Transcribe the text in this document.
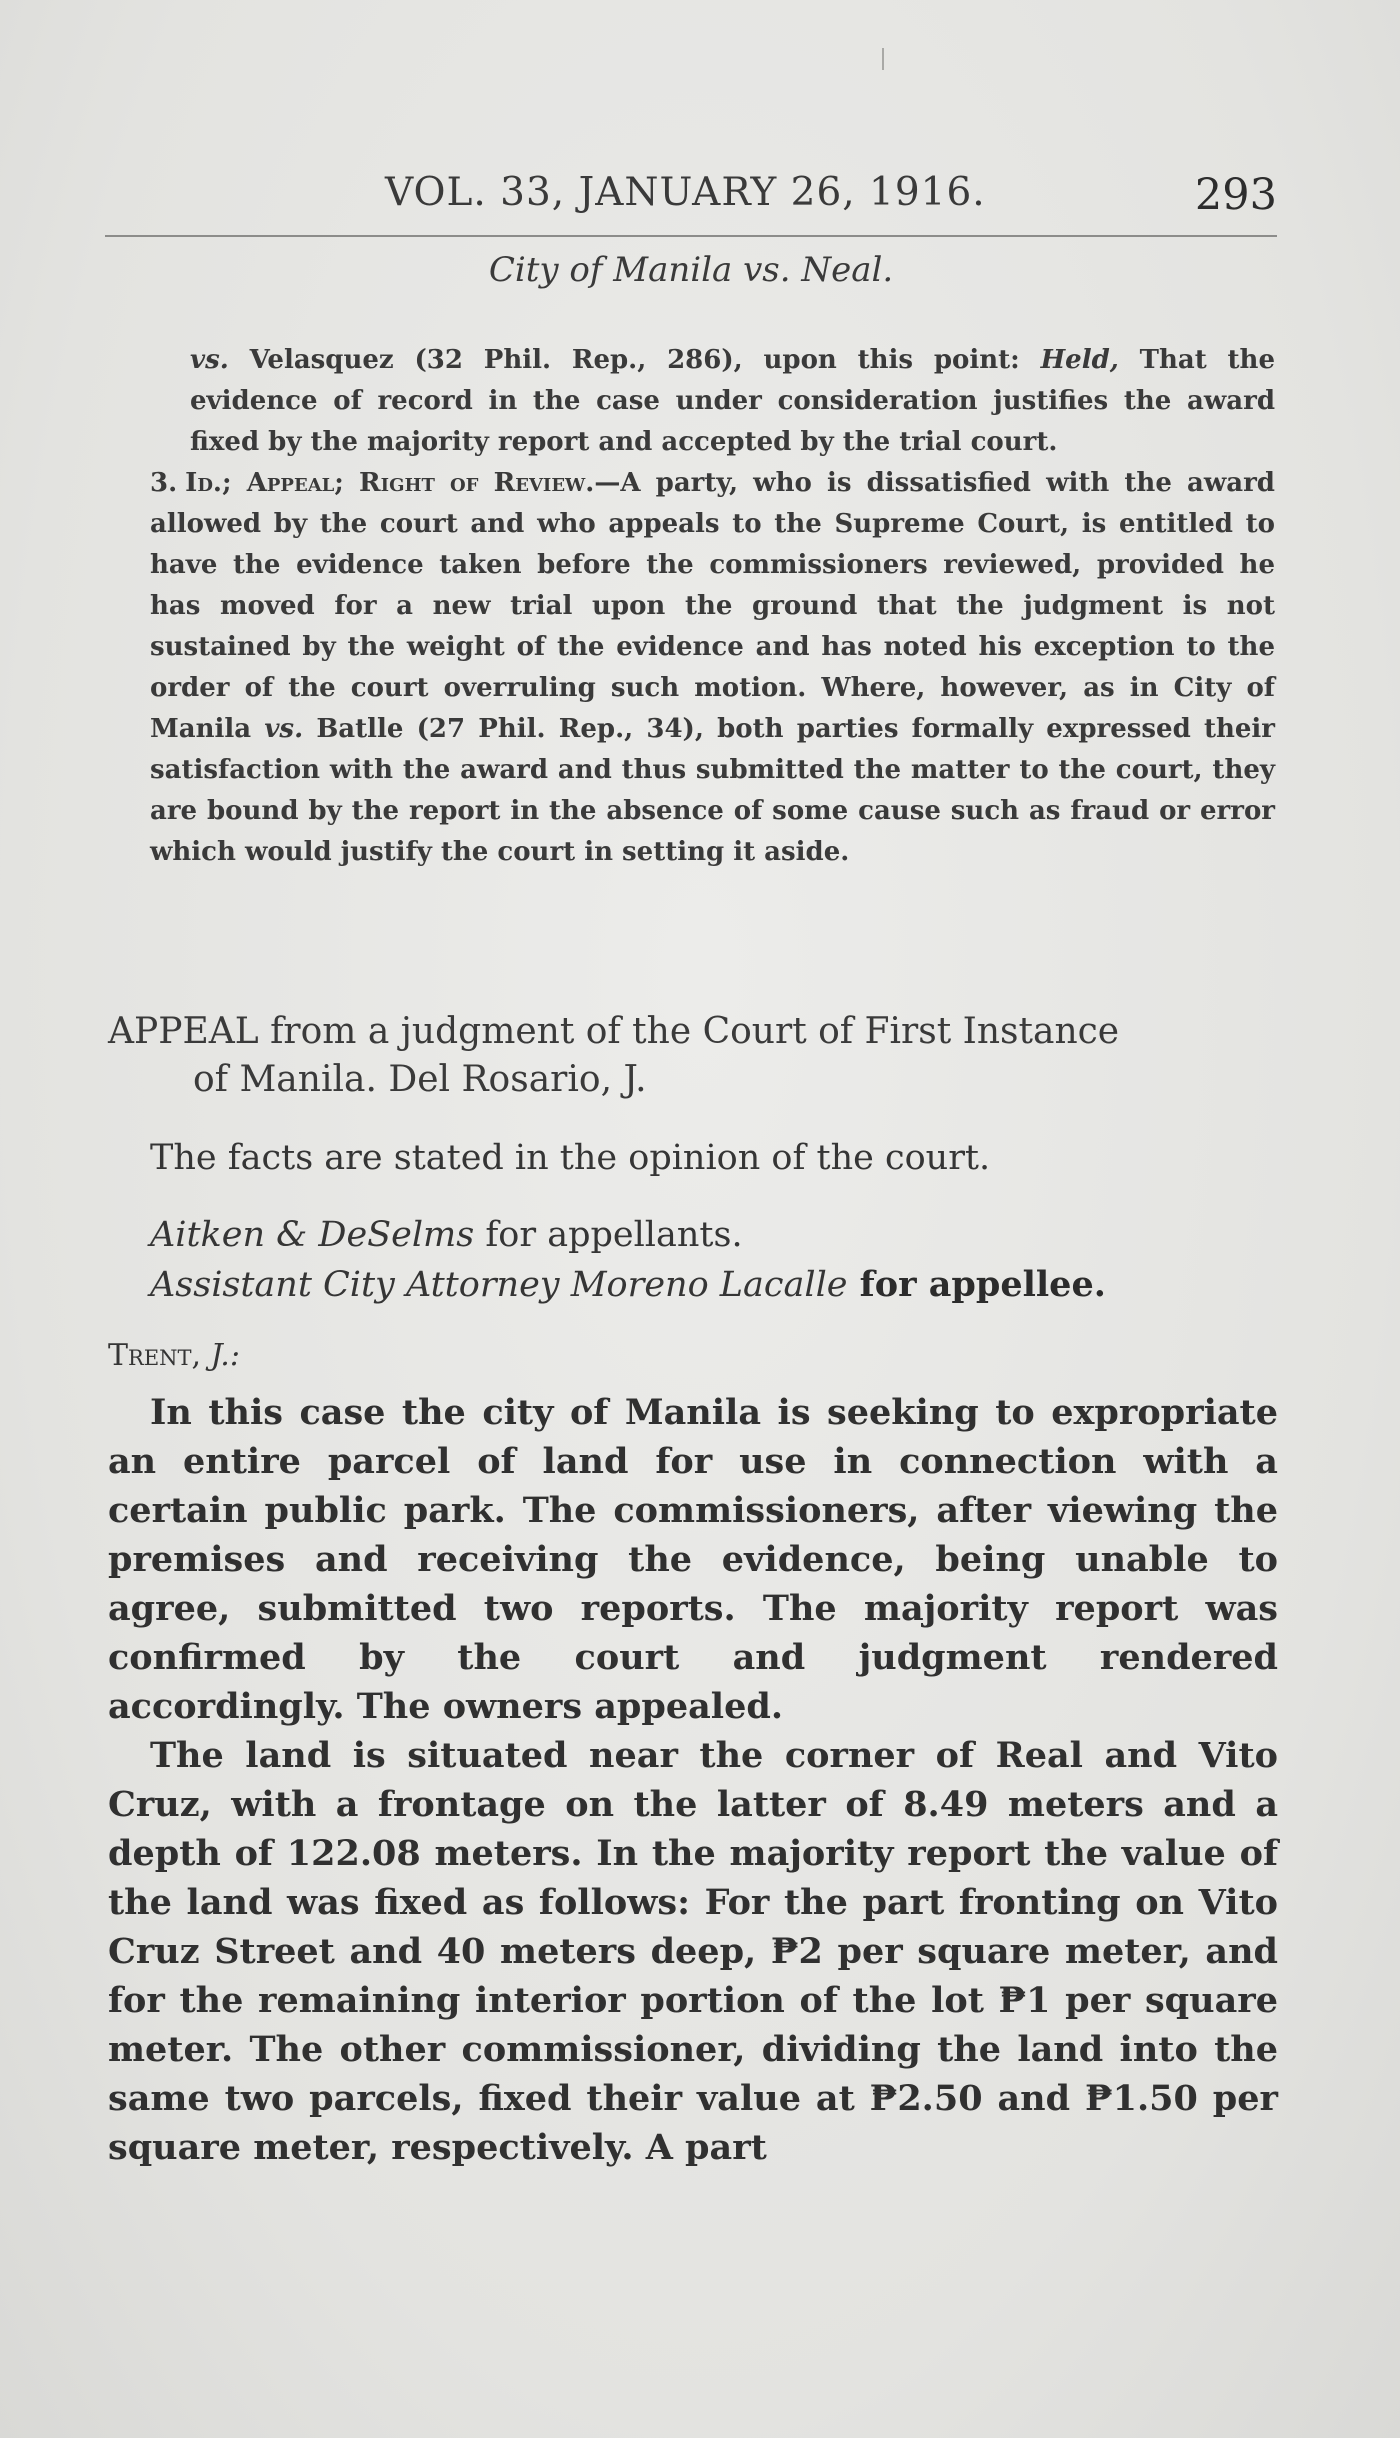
VOL. 33, JANUARY 26, 1916.	293
City of Manila vs. Neal.

vs. Velasquez (32 Phil. Rep., 286), upon this point: Held, That the evidence of record in the case under consideration justifies the award fixed by the majority report and accepted by the trial court.

3. Id.; Appeal; Right of Review.—A party, who is dissatisfied with the award allowed by the court and who appeals to the Supreme Court, is entitled to have the evidence taken before the commissioners reviewed, provided he has moved for a new trial upon the ground that the judgment is not sustained by the weight of the evidence and has noted his exception to the order of the court overruling such motion. Where, however, as in City of Manila vs. Batlle (27 Phil. Rep., 34), both parties formally expressed their satisfaction with the award and thus submitted the matter to the court, they are bound by the report in the absence of some cause such as fraud or error which would justify the court in setting it aside.

APPEAL from a judgment of the Court of First Instance
of Manila. Del Rosario, J.
The facts are stated in the opinion of the court.
Aitken & DeSelms for appellants.
Assistant City Attorney Moreno Lacalle for appellee.
Trent, J.:

In this case the city of Manila is seeking to expropriate an entire parcel of land for use in connection with a certain public park. The commissioners, after viewing the premises and receiving the evidence, being unable to agree, submitted two reports. The majority report was confirmed by the court and judgment rendered accordingly. The owners appealed.

The land is situated near the corner of Real and Vito Cruz, with a frontage on the latter of 8.49 meters and a depth of 122.08 meters. In the majority report the value of the land was fixed as follows: For the part fronting on Vito Cruz Street and 40 meters deep, ₱2 per square meter, and for the remaining interior portion of the lot ₱1 per square meter. The other commissioner, dividing the land into the same two parcels, fixed their value at ₱2.50 and ₱1.50 per square meter, respectively. A part
